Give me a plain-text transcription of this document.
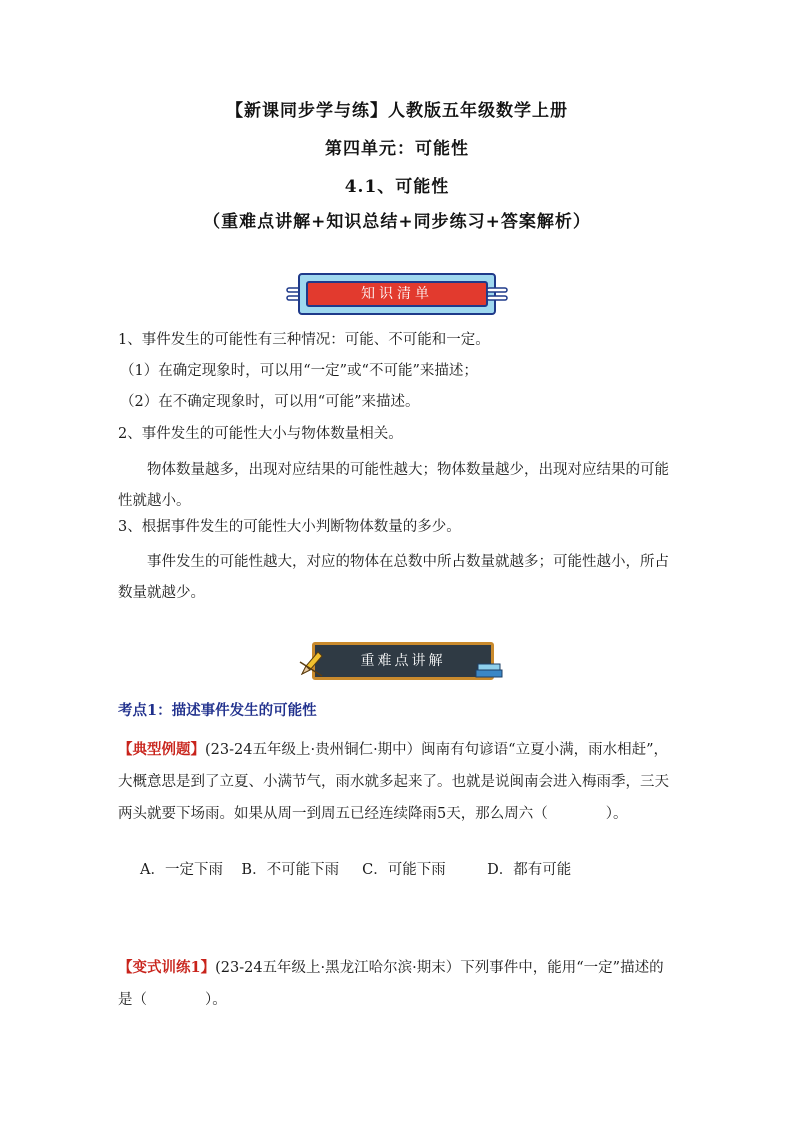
【新课同步学与练】人教版五年级数学上册
第四单元：可能性
4.1、可能性
（重难点讲解+知识总结+同步练习+答案解析）
知识清单
1、事件发生的可能性有三种情况：可能、不可能和一定。
（1）在确定现象时，可以用“一定”或“不可能”来描述；
（2）在不确定现象时，可以用“可能”来描述。
2、事件发生的可能性大小与物体数量相关。
物体数量越多，出现对应结果的可能性越大；物体数量越少，出现对应结果的可能性就越小。
3、根据事件发生的可能性大小判断物体数量的多少。
事件发生的可能性越大，对应的物体在总数中所占数量就越多；可能性越小，所占数量就越少。
重难点讲解
考点1：描述事件发生的可能性
【典型例题】(23-24五年级上·贵州铜仁·期中）闽南有句谚语“立夏小满，雨水相赶”，大概意思是到了立夏、小满节气，雨水就多起来了。也就是说闽南会进入梅雨季，三天两头就要下场雨。如果从周一到周五已经连续降雨5天，那么周六（　　　　）。
A．一定下雨    B．不可能下雨     C．可能下雨         D．都有可能
【变式训练1】(23-24五年级上·黑龙江哈尔滨·期末）下列事件中，能用“一定”描述的是（　　　　）。
